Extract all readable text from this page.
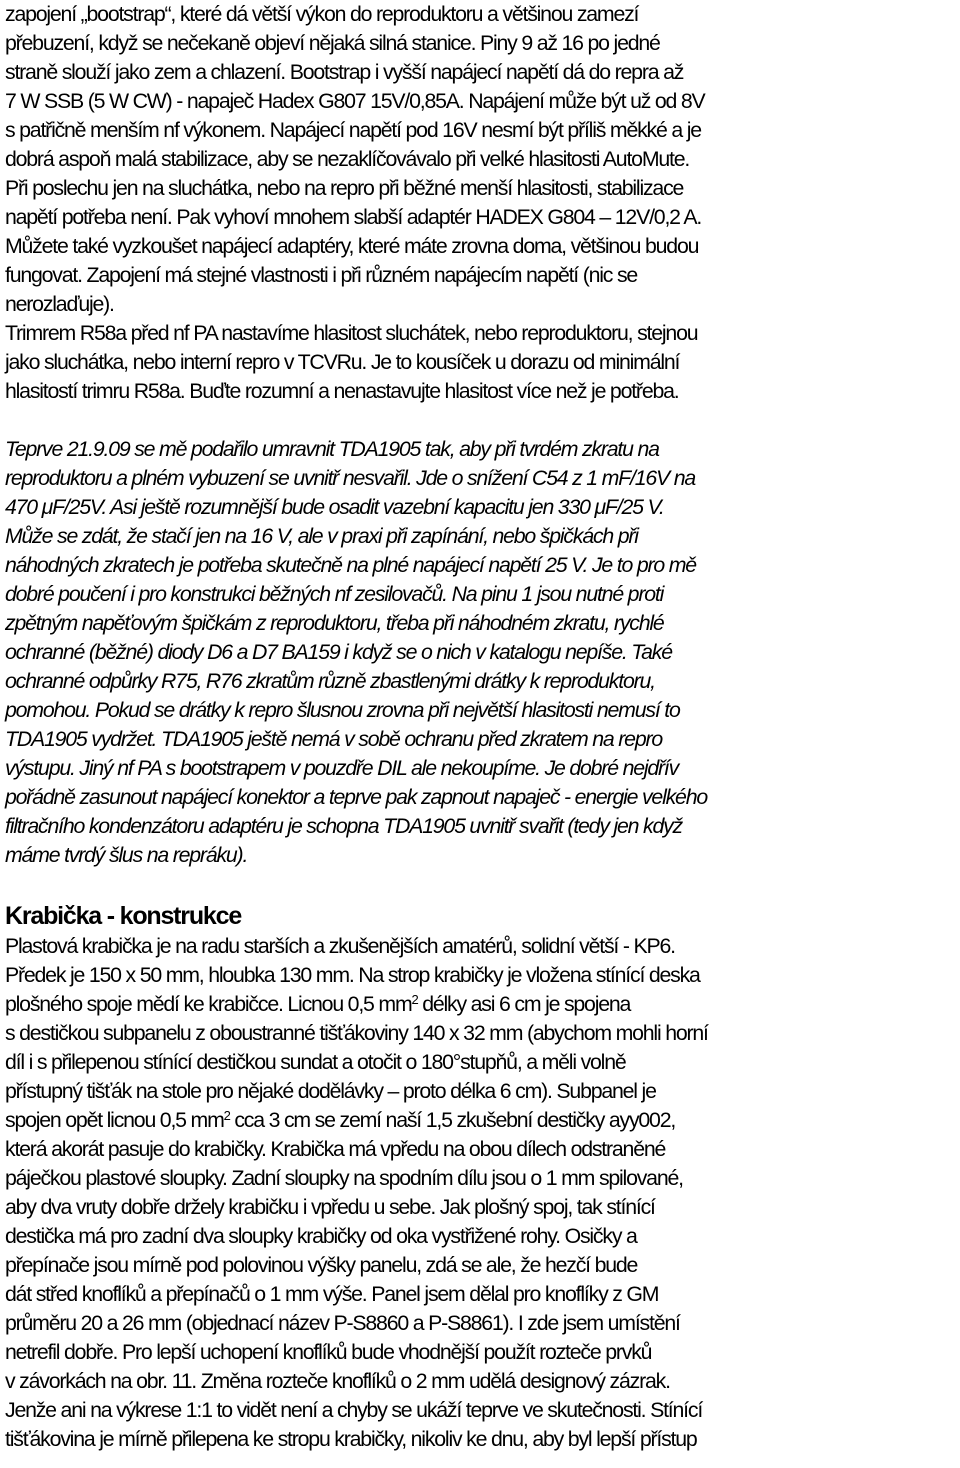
zapojení „bootstrap“, které dá větší výkon do reproduktoru a většinou zamezí
přebuzení, když se nečekaně objeví nějaká silná stanice. Piny 9 až 16 po jedné
straně slouží jako zem a chlazení. Bootstrap i vyšší napájecí napětí dá do repra až
7 W SSB (5 W CW) - napaječ Hadex G807 15V/0,85A. Napájení může být už od 8V
s patřičně menším nf výkonem. Napájecí napětí pod 16V nesmí být příliš měkké a je
dobrá aspoň malá stabilizace, aby se nezaklíčovávalo při velké hlasitosti AutoMute.
Při poslechu jen na sluchátka, nebo na repro při běžné menší hlasitosti, stabilizace
napětí potřeba není. Pak vyhoví mnohem slabší adaptér HADEX G804 – 12V/0,2 A.
Můžete také vyzkoušet napájecí adaptéry, které máte zrovna doma, většinou budou
fungovat. Zapojení má stejné vlastnosti i při různém napájecím napětí (nic se
nerozlaďuje).
Trimrem R58a před nf PA nastavíme hlasitost sluchátek, nebo reproduktoru, stejnou
jako sluchátka, nebo interní repro v TCVRu. Je to kousíček u dorazu od minimální
hlasitostí trimru R58a. Buďte rozumní a nenastavujte hlasitost více než je potřeba.
Teprve 21.9.09 se mě podařilo umravnit TDA1905 tak, aby při tvrdém zkratu na
reproduktoru a plném vybuzení se uvnitř nesvařil. Jde o snížení C54 z 1 mF/16V na
470 μF/25V. Asi ještě rozumnější bude osadit vazební kapacitu jen 330 μF/25 V.
Může se zdát, že stačí jen na 16 V, ale v praxi při zapínání, nebo špičkách při
náhodných zkratech je potřeba skutečně na plné napájecí napětí 25 V. Je to pro mě
dobré poučení i pro konstrukci běžných nf zesilovačů. Na pinu 1 jsou nutné proti
zpětným napěťovým špičkám z reproduktoru, třeba při náhodném zkratu, rychlé
ochranné (běžné) diody D6 a D7 BA159 i když se o nich v katalogu nepíše. Také
ochranné odpůrky R75, R76 zkratům různě zbastlenými drátky k reproduktoru,
pomohou. Pokud se drátky k repro šlusnou zrovna při největší hlasitosti nemusí to
TDA1905 vydržet. TDA1905 ještě nemá v sobě ochranu před zkratem na repro
výstupu. Jiný nf PA s bootstrapem v pouzdře DIL ale nekoupíme. Je dobré nejdřív
pořádně zasunout napájecí konektor a teprve pak zapnout napaječ - energie velkého
filtračního kondenzátoru adaptéru je schopna TDA1905 uvnitř svařit (tedy jen když
máme tvrdý šlus na repráku).
Krabička - konstrukce
Plastová krabička je na radu starších a zkušenějších amatérů, solidní větší - KP6.
Předek je 150 x 50 mm, hloubka 130 mm. Na strop krabičky je vložena stínící deska
plošného spoje mědí ke krabičce. Licnou 0,5 $mm^2$ délky asi 6 cm je spojena
s destičkou subpanelu z oboustranné tišťákoviny 140 x 32 mm (abychom mohli horní
díl i s přilepenou stínící destičkou sundat a otočit o 180°stupňů, a měli volně
přístupný tišťák na stole pro nějaké dodělávky – proto délka 6 cm). Subpanel je
spojen opět licnou 0,5 $mm^2$ cca 3 cm se zemí naší 1,5 zkušební destičky ayy002,
která akorát pasuje do krabičky. Krabička má vpředu na obou dílech odstraněné
páječkou plastové sloupky. Zadní sloupky na spodním dílu jsou o 1 mm spilované,
aby dva vruty dobře držely krabičku i vpředu u sebe. Jak plošný spoj, tak stínící
destička má pro zadní dva sloupky krabičky od oka vystřižené rohy. Osičky a
přepínače jsou mírně pod polovinou výšky panelu, zdá se ale, že hezčí bude
dát střed knoflíků a přepínačů o 1 mm výše. Panel jsem dělal pro knoflíky z GM
průměru 20 a 26 mm (objednací název P-S8860 a P-S8861). I zde jsem umístění
netrefil dobře. Pro lepší uchopení knoflíků bude vhodnější použít rozteče prvků
v závorkách na obr. 11. Změna rozteče knoflíků o 2 mm udělá designový zázrak.
Jenže ani na výkrese 1:1 to vidět není a chyby se ukáží teprve ve skutečnosti. Stínící
tišťákovina je mírně přilepena ke stropu krabičky, nikoliv ke dnu, aby byl lepší přístup
